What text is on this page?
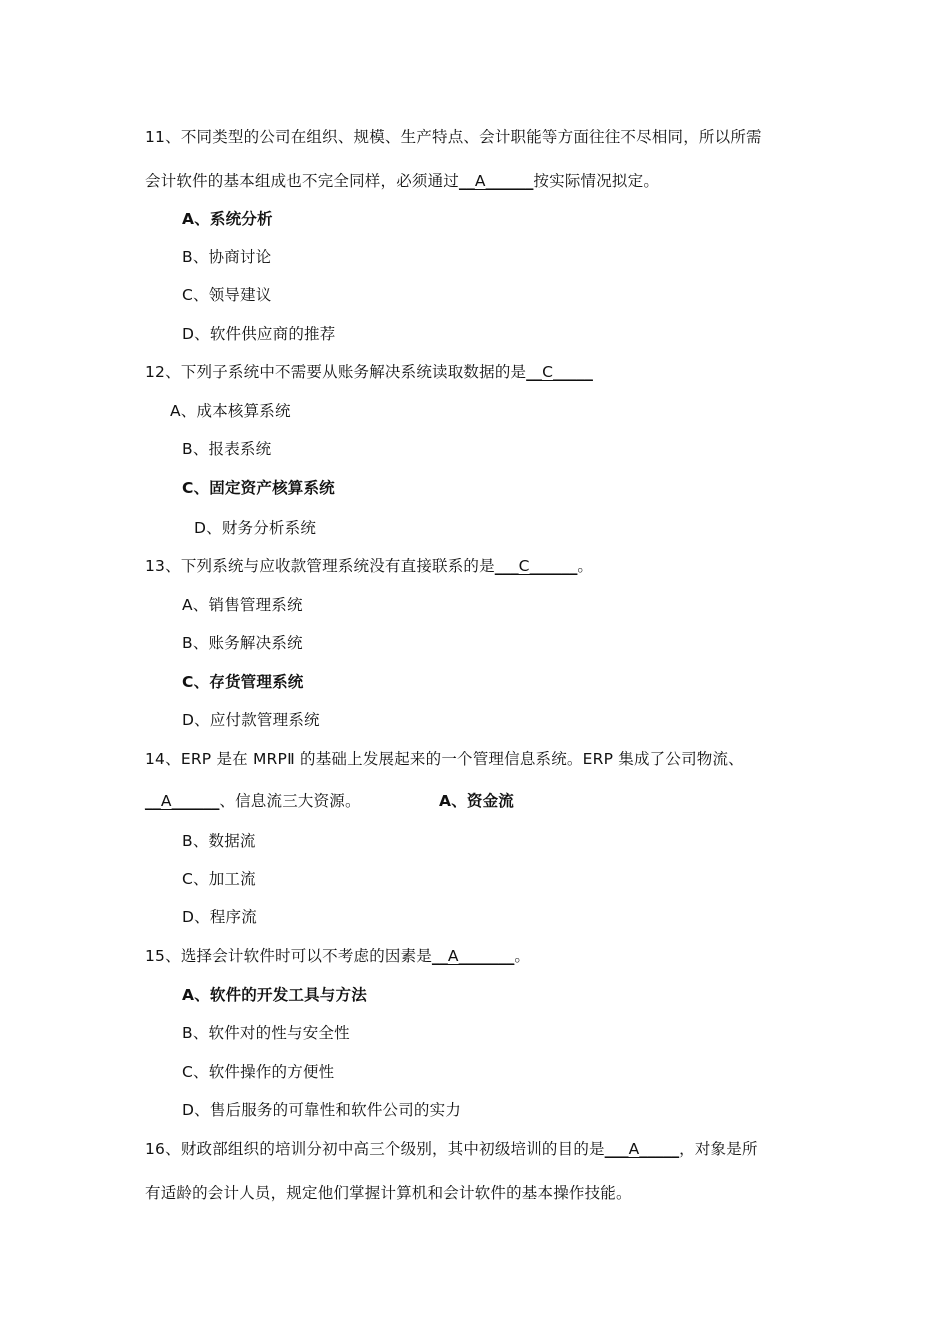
11、不同类型的公司在组织、规模、生产特点、会计职能等方面往往不尽相同，所以所需
会计软件的基本组成也不完全同样，必须通过__A______按实际情况拟定。
A、系统分析
B、协商讨论
C、领导建议
D、软件供应商的推荐
12、下列子系统中不需要从账务解决系统读取数据的是__C_____
A、成本核算系统
B、报表系统
C、固定资产核算系统
D、财务分析系统
13、下列系统与应收款管理系统没有直接联系的是___C______。
A、销售管理系统
B、账务解决系统
C、存货管理系统
D、应付款管理系统
14、ERP 是在 MRPⅡ 的基础上发展起来的一个管理信息系统。ERP 集成了公司物流、
__A______、信息流三大资源。	A、资金流
B、数据流
C、加工流
D、程序流
15、选择会计软件时可以不考虑的因素是__A_______。
A、软件的开发工具与方法
B、软件对的性与安全性
C、软件操作的方便性
D、售后服务的可靠性和软件公司的实力
16、财政部组织的培训分初中高三个级别，其中初级培训的目的是___A_____，对象是所
有适龄的会计人员，规定他们掌握计算机和会计软件的基本操作技能。
